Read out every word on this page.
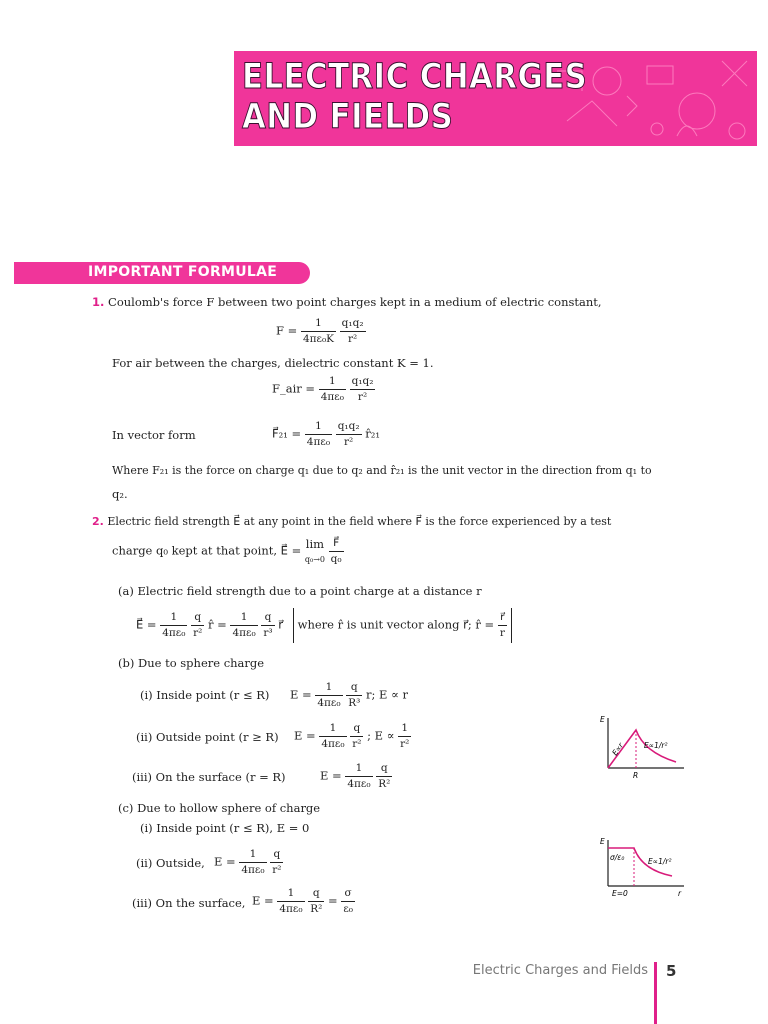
ELECTRIC CHARGES
AND FIELDS
IMPORTANT FORMULAE
1. Coulomb's force F between two point charges kept in a medium of electric constant,
$F = \frac{1}{\text{4πε₀K}}$
$\frac{\text{q₁q₂}}{\text{r²}}$
For air between the charges, dielectric constant K = 1.
F_air = $\frac{1}{\text{4πε₀}}$
$\frac{\text{q₁q₂}}{\text{r²}}$
In vector form	F⃗₂₁ = $\frac{1}{\text{4πε₀}}$
$\frac{\text{q₁q₂}}{\text{r²}}$ r̂₂₁
Where F₂₁ is the force on charge q₁ due to q₂ and r̂₂₁ is the unit vector in the direction from q₁ to
q₂.
2. Electric field strength E⃗ at any point in the field where F⃗ is the force experienced by a test
charge q₀ kept at that point, E⃗ = lim
q₀→0
$\frac{F⃗}{\text{q₀}}$
(a) Electric field strength due to a point charge at a distance r
E⃗ = $\frac{1}{\text{4πε₀}}$
$\frac{q}{\text{r²}}$ r̂ = $\frac{1}{\text{4πε₀}}$
$\frac{q}{\text{r³}}$ r⃗ where r̂ is unit vector along r⃗; r̂ = $\frac{r⃗}{r}$
(b) Due to sphere charge
(i) Inside point (r ≤ R) $E = \frac{1}{\text{4πε₀}}$
$\frac{q}{\text{R³}} r$; E ∝ r
(ii) Outside point (r ≥ R) $E = \frac{1}{\text{4πε₀}}$
$\frac{q}{\text{r²}}$ ; $E \propto \frac{1}{\text{r²}}$
(iii) On the surface (r = R)	$E = \frac{1}{\text{4πε₀}}$
$\frac{q}{\text{R²}}$
(c) Due to hollow sphere of charge
(i) Inside point (r ≤ R), E = 0
(ii) Outside, $E = \frac{1}{\text{4πε₀}}$
$\frac{q}{\text{r²}}$
(iii) On the surface, $E = \frac{1}{\text{4πε₀}}$
$\frac{q}{\text{R²}} = \frac{\sigma}{\text{ε₀}}$
E
R
E∝r	E∝1/r²
E
σ/ε₀	E∝1/r²
E=0	r
Electric Charges and Fields 5
